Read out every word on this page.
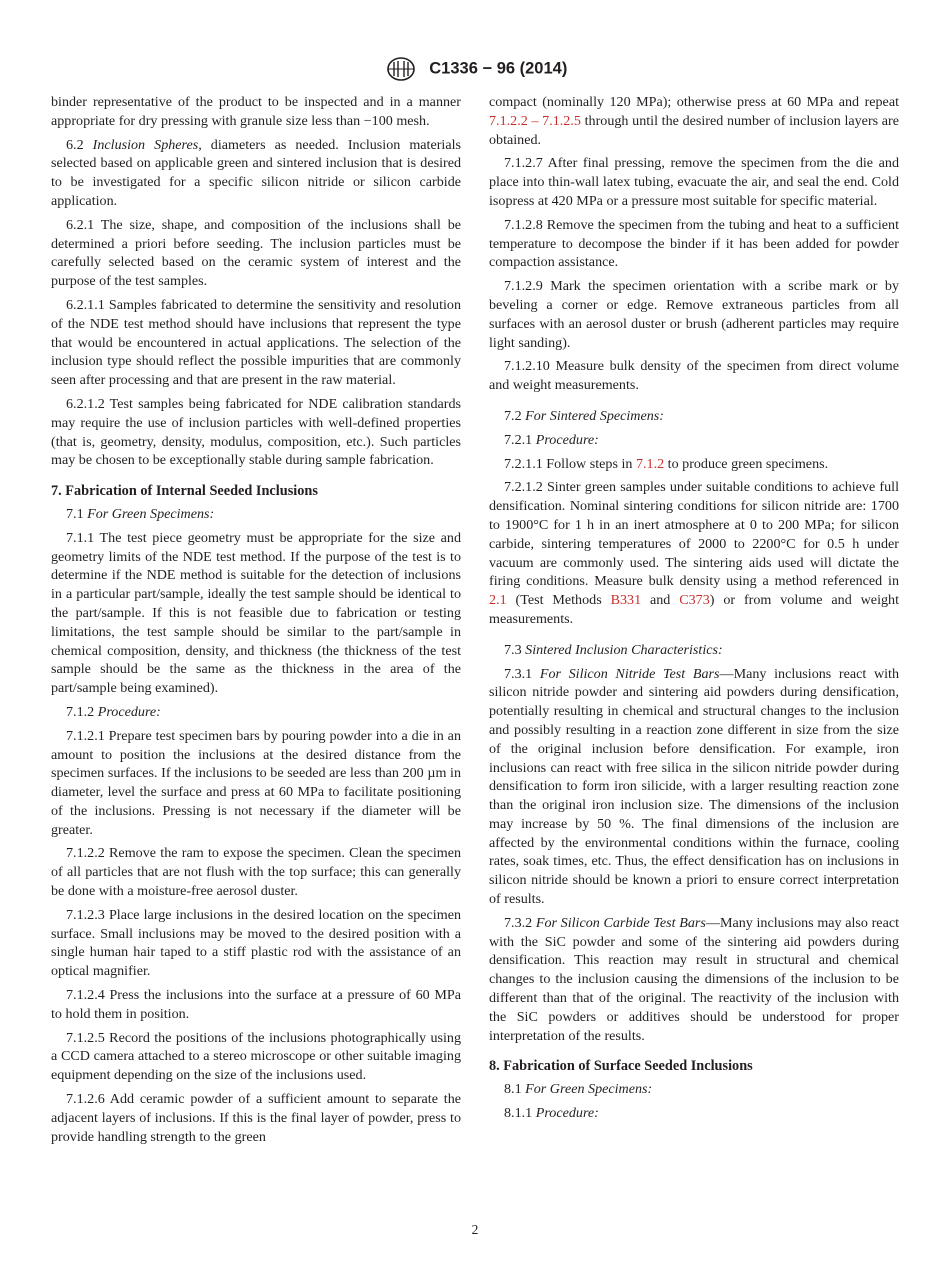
C1336 − 96 (2014)

binder representative of the product to be inspected and in a manner appropriate for dry pressing with granule size less than −100 mesh.

6.2 Inclusion Spheres, diameters as needed. Inclusion materials selected based on applicable green and sintered inclusion that is desired to be investigated for a specific silicon nitride or silicon carbide application.

6.2.1 The size, shape, and composition of the inclusions shall be determined a priori before seeding. The inclusion particles must be carefully selected based on the ceramic system of interest and the purpose of the test samples.

6.2.1.1 Samples fabricated to determine the sensitivity and resolution of the NDE test method should have inclusions that represent the type that would be encountered in actual applications. The selection of the inclusion type should reflect the possible impurities that are commonly seen after processing and that are present in the raw material.

6.2.1.2 Test samples being fabricated for NDE calibration standards may require the use of inclusion particles with well-defined properties (that is, geometry, density, modulus, composition, etc.). Such particles may be chosen to be exceptionally stable during sample fabrication.

7. Fabrication of Internal Seeded Inclusions

7.1 For Green Specimens:

7.1.1 The test piece geometry must be appropriate for the size and geometry limits of the NDE test method. If the purpose of the test is to determine if the NDE method is suitable for the detection of inclusions in a particular part/sample, ideally the test sample should be identical to the part/sample. If this is not feasible due to fabrication or testing limitations, the test sample should be similar to the part/sample in chemical composition, density, and thickness (the thickness of the test sample should be the same as the thickness in the area of the part/sample being examined).

7.1.2 Procedure:

7.1.2.1 Prepare test specimen bars by pouring powder into a die in an amount to position the inclusions at the desired distance from the specimen surfaces. If the inclusions to be seeded are less than 200 µm in diameter, level the surface and press at 60 MPa to facilitate positioning of the inclusions. Pressing is not necessary if the diameter will be greater.

7.1.2.2 Remove the ram to expose the specimen. Clean the specimen of all particles that are not flush with the top surface; this can generally be done with a moisture-free aerosol duster.

7.1.2.3 Place large inclusions in the desired location on the specimen surface. Small inclusions may be moved to the desired position with a single human hair taped to a stiff plastic rod with the assistance of an optical magnifier.

7.1.2.4 Press the inclusions into the surface at a pressure of 60 MPa to hold them in position.

7.1.2.5 Record the positions of the inclusions photographically using a CCD camera attached to a stereo microscope or other suitable imaging equipment depending on the size of the inclusions used.

7.1.2.6 Add ceramic powder of a sufficient amount to separate the adjacent layers of inclusions. If this is the final layer of powder, press to provide handling strength to the green

compact (nominally 120 MPa); otherwise press at 60 MPa and repeat 7.1.2.2 – 7.1.2.5 through until the desired number of inclusion layers are obtained.

7.1.2.7 After final pressing, remove the specimen from the die and place into thin-wall latex tubing, evacuate the air, and seal the end. Cold isopress at 420 MPa or a pressure most suitable for specific material.

7.1.2.8 Remove the specimen from the tubing and heat to a sufficient temperature to decompose the binder if it has been added for powder compaction assistance.

7.1.2.9 Mark the specimen orientation with a scribe mark or by beveling a corner or edge. Remove extraneous particles from all surfaces with an aerosol duster or brush (adherent particles may require light sanding).

7.1.2.10 Measure bulk density of the specimen from direct volume and weight measurements.

7.2 For Sintered Specimens:

7.2.1 Procedure:

7.2.1.1 Follow steps in 7.1.2 to produce green specimens.

7.2.1.2 Sinter green samples under suitable conditions to achieve full densification. Nominal sintering conditions for silicon nitride are: 1700 to 1900°C for 1 h in an inert atmosphere at 0 to 200 MPa; for silicon carbide, sintering temperatures of 2000 to 2200°C for 0.5 h under vacuum are commonly used. The sintering aids used will dictate the firing conditions. Measure bulk density using a method referenced in 2.1 (Test Methods B331 and C373) or from volume and weight measurements.

7.3 Sintered Inclusion Characteristics:

7.3.1 For Silicon Nitride Test Bars—Many inclusions react with silicon nitride powder and sintering aid powders during densification, potentially resulting in chemical and structural changes to the inclusion and possibly resulting in a reaction zone different in size from the size of the original inclusion before densification. For example, iron inclusions can react with free silica in the silicon nitride powder during densification to form iron silicide, with a larger resulting reaction zone than the original iron inclusion size. The dimensions of the inclusion may increase by 50 %. The final dimensions of the inclusion are affected by the environmental conditions within the furnace, cooling rates, soak times, etc. Thus, the effect densification has on inclusions in silicon nitride should be known a priori to ensure correct interpretation of results.

7.3.2 For Silicon Carbide Test Bars—Many inclusions may also react with the SiC powder and some of the sintering aid powders during densification. This reaction may result in structural and chemical changes to the inclusion causing the dimensions of the inclusion to be different than that of the original. The reactivity of the inclusion with the SiC powders or additives should be understood for proper interpretation of the results.

8. Fabrication of Surface Seeded Inclusions

8.1 For Green Specimens:

8.1.1 Procedure:

2
